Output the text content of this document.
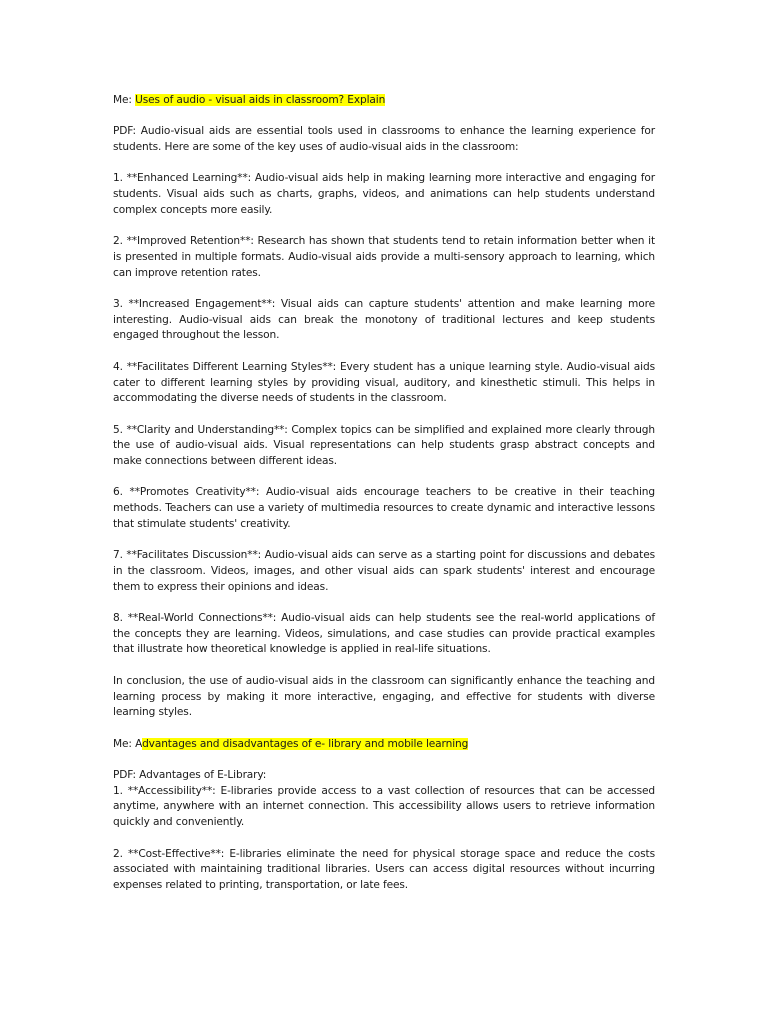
Me: Uses of audio - visual aids in classroom? Explain

PDF: Audio-visual aids are essential tools used in classrooms to enhance the learning experience for students. Here are some of the key uses of audio-visual aids in the classroom:

1. **Enhanced Learning**: Audio-visual aids help in making learning more interactive and engaging for students. Visual aids such as charts, graphs, videos, and animations can help students understand complex concepts more easily.

2. **Improved Retention**: Research has shown that students tend to retain information better when it is presented in multiple formats. Audio-visual aids provide a multi-sensory approach to learning, which can improve retention rates.

3. **Increased Engagement**: Visual aids can capture students' attention and make learning more interesting. Audio-visual aids can break the monotony of traditional lectures and keep students engaged throughout the lesson.

4. **Facilitates Different Learning Styles**: Every student has a unique learning style. Audio-visual aids cater to different learning styles by providing visual, auditory, and kinesthetic stimuli. This helps in accommodating the diverse needs of students in the classroom.

5. **Clarity and Understanding**: Complex topics can be simplified and explained more clearly through the use of audio-visual aids. Visual representations can help students grasp abstract concepts and make connections between different ideas.

6. **Promotes Creativity**: Audio-visual aids encourage teachers to be creative in their teaching methods. Teachers can use a variety of multimedia resources to create dynamic and interactive lessons that stimulate students' creativity.

7. **Facilitates Discussion**: Audio-visual aids can serve as a starting point for discussions and debates in the classroom. Videos, images, and other visual aids can spark students' interest and encourage them to express their opinions and ideas.

8. **Real-World Connections**: Audio-visual aids can help students see the real-world applications of the concepts they are learning. Videos, simulations, and case studies can provide practical examples that illustrate how theoretical knowledge is applied in real-life situations.

In conclusion, the use of audio-visual aids in the classroom can significantly enhance the teaching and learning process by making it more interactive, engaging, and effective for students with diverse learning styles.

Me: Advantages and disadvantages of e- library and mobile learning

PDF: Advantages of E-Library:

1. **Accessibility**: E-libraries provide access to a vast collection of resources that can be accessed anytime, anywhere with an internet connection. This accessibility allows users to retrieve information quickly and conveniently.

2. **Cost-Effective**: E-libraries eliminate the need for physical storage space and reduce the costs associated with maintaining traditional libraries. Users can access digital resources without incurring expenses related to printing, transportation, or late fees.
